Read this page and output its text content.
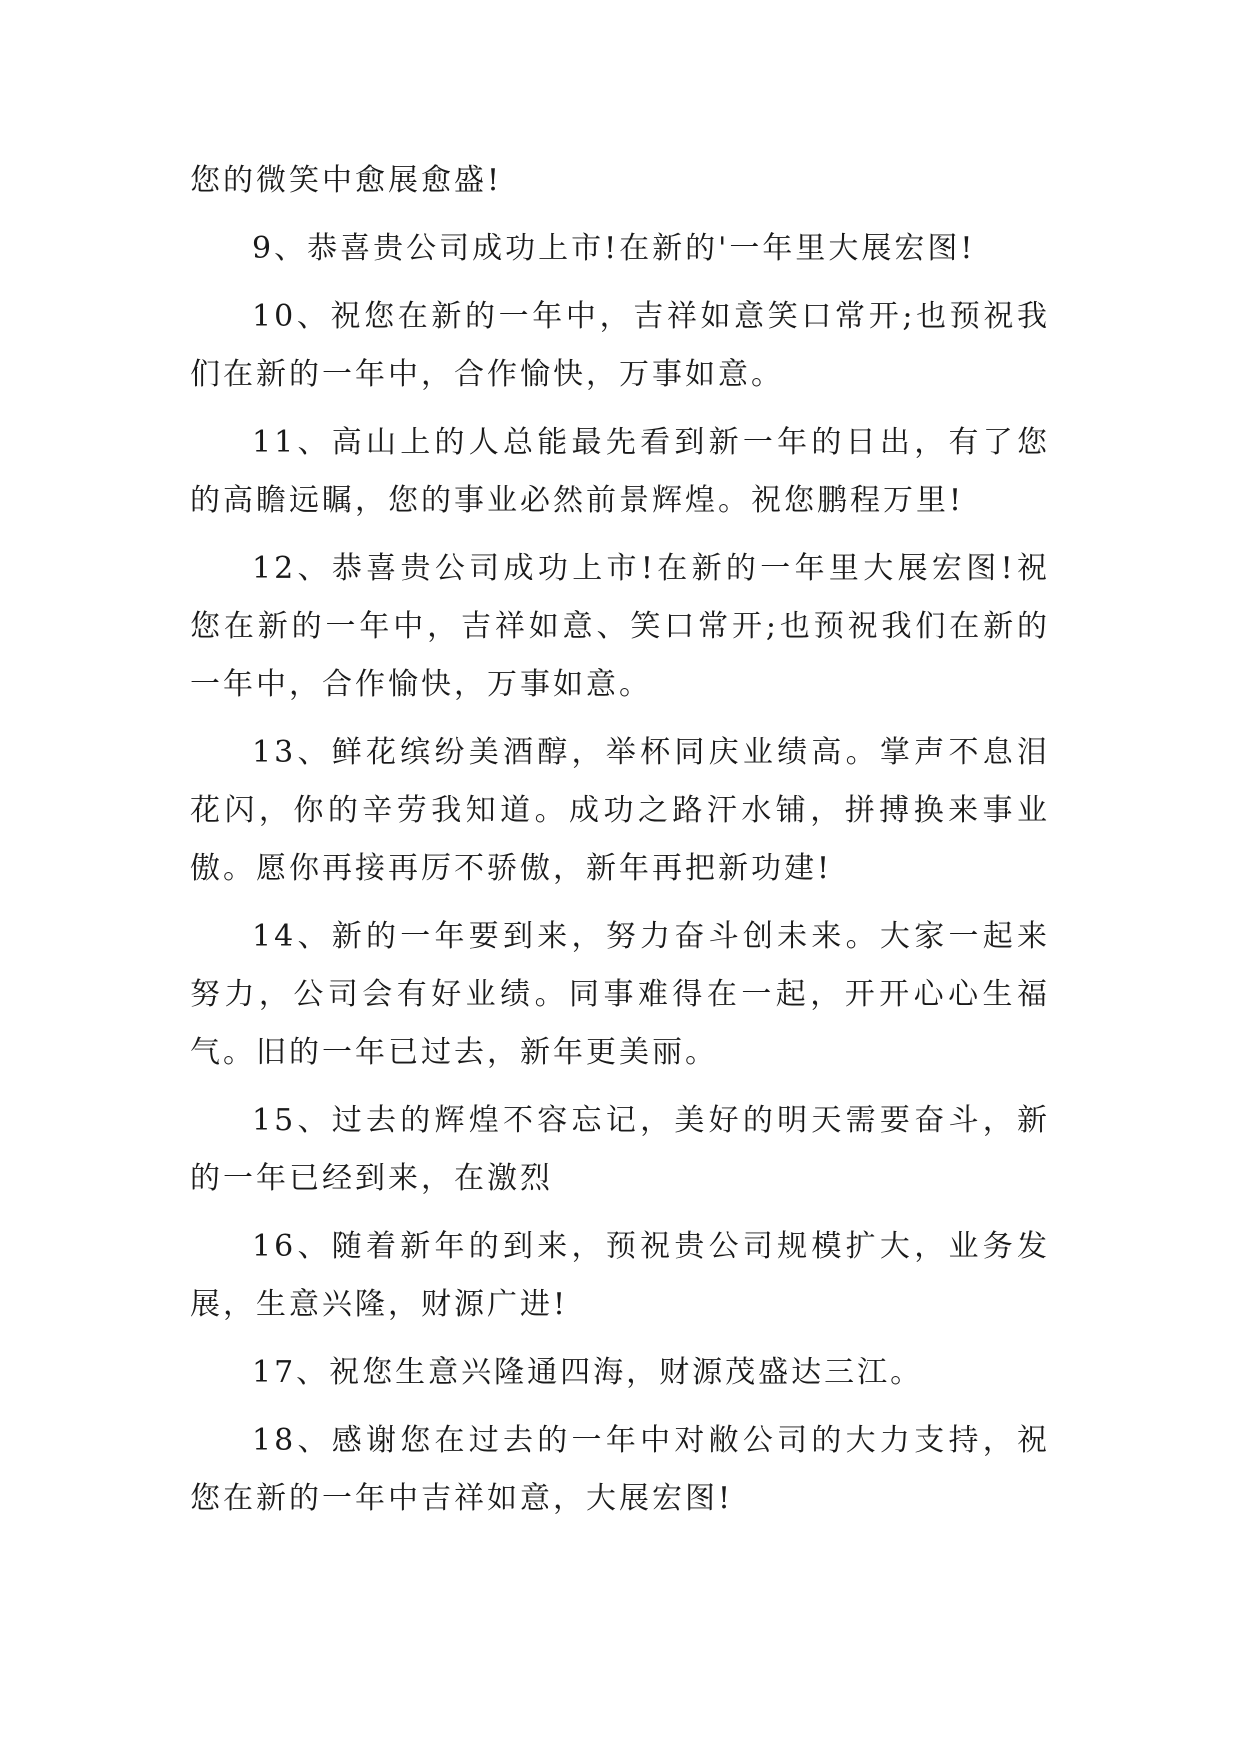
您的微笑中愈展愈盛!

9、恭喜贵公司成功上市!在新的'一年里大展宏图!

10、祝您在新的一年中，吉祥如意笑口常开;也预祝我们在新的一年中，合作愉快，万事如意。

11、高山上的人总能最先看到新一年的日出，有了您的高瞻远瞩，您的事业必然前景辉煌。祝您鹏程万里!

12、恭喜贵公司成功上市!在新的一年里大展宏图!祝您在新的一年中，吉祥如意、笑口常开;也预祝我们在新的一年中，合作愉快，万事如意。

13、鲜花缤纷美酒醇，举杯同庆业绩高。掌声不息泪花闪，你的辛劳我知道。成功之路汗水铺，拼搏换来事业傲。愿你再接再厉不骄傲，新年再把新功建!

14、新的一年要到来，努力奋斗创未来。大家一起来努力，公司会有好业绩。同事难得在一起，开开心心生福气。旧的一年已过去，新年更美丽。

15、过去的辉煌不容忘记，美好的明天需要奋斗，新的一年已经到来，在激烈

16、随着新年的到来，预祝贵公司规模扩大，业务发展，生意兴隆，财源广进!

17、祝您生意兴隆通四海，财源茂盛达三江。

18、感谢您在过去的一年中对敝公司的大力支持，祝您在新的一年中吉祥如意，大展宏图!
